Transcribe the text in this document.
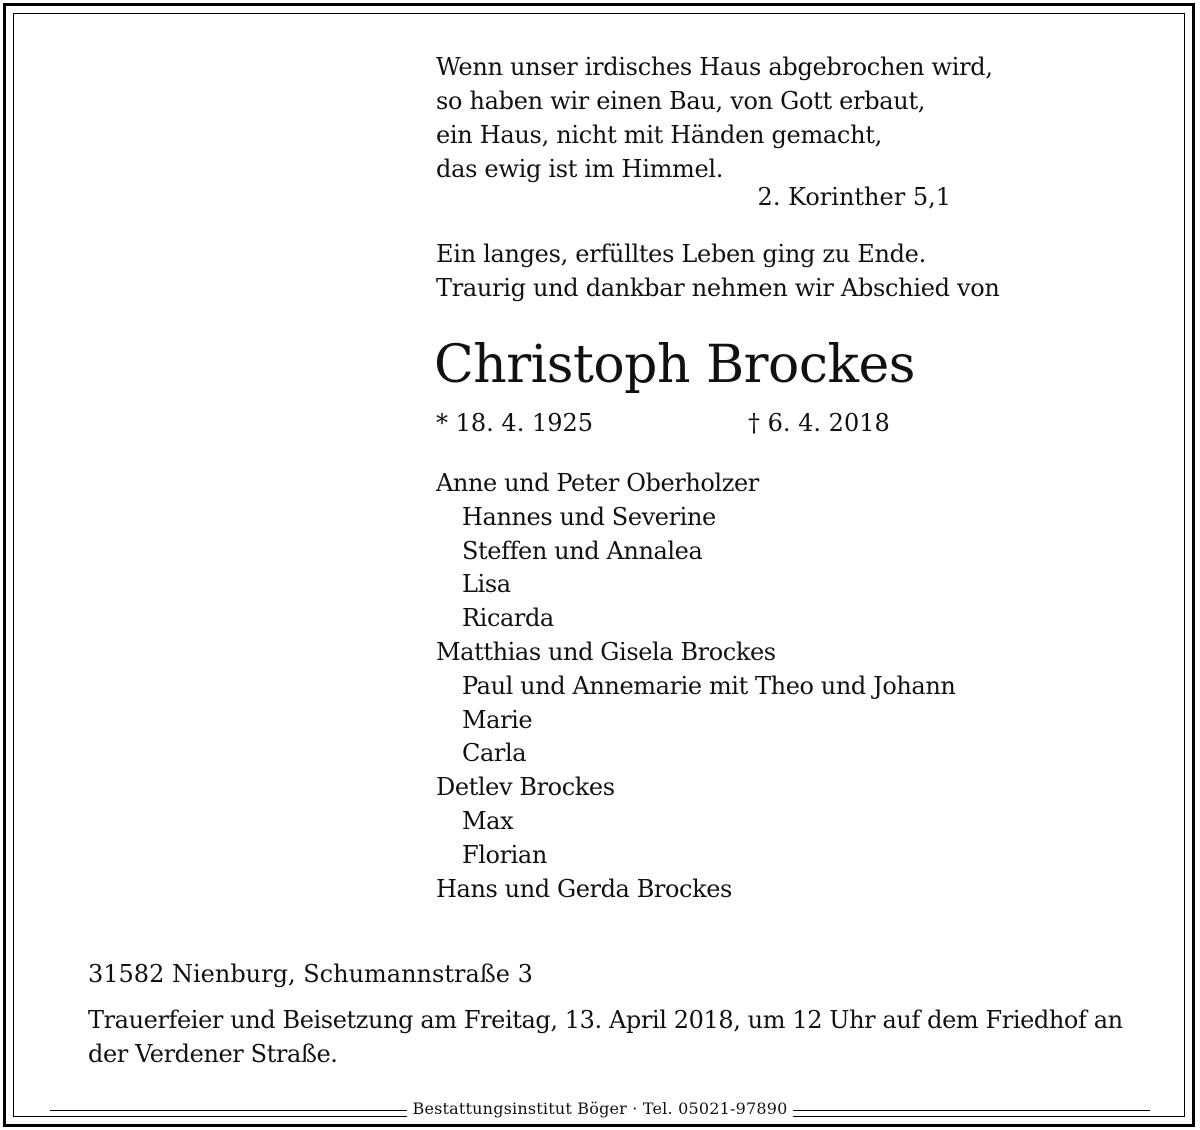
Wenn unser irdisches Haus abgebrochen wird,
so haben wir einen Bau, von Gott erbaut,
ein Haus, nicht mit Händen gemacht,
das ewig ist im Himmel.
2. Korinther 5,1
Ein langes, erfülltes Leben ging zu Ende.
Traurig und dankbar nehmen wir Abschied von
Christoph Brockes
* 18. 4. 1925	† 6. 4. 2018
Anne und Peter Oberholzer
Hannes und Severine
Steffen und Annalea
Lisa
Ricarda
Matthias und Gisela Brockes
Paul und Annemarie mit Theo und Johann
Marie
Carla
Detlev Brockes
Max
Florian
Hans und Gerda Brockes
31582 Nienburg, Schumannstraße 3
Trauerfeier und Beisetzung am Freitag, 13. April 2018, um 12 Uhr auf dem Friedhof an der Verdener Straße.
Bestattungsinstitut Böger · Tel. 05021-97890
